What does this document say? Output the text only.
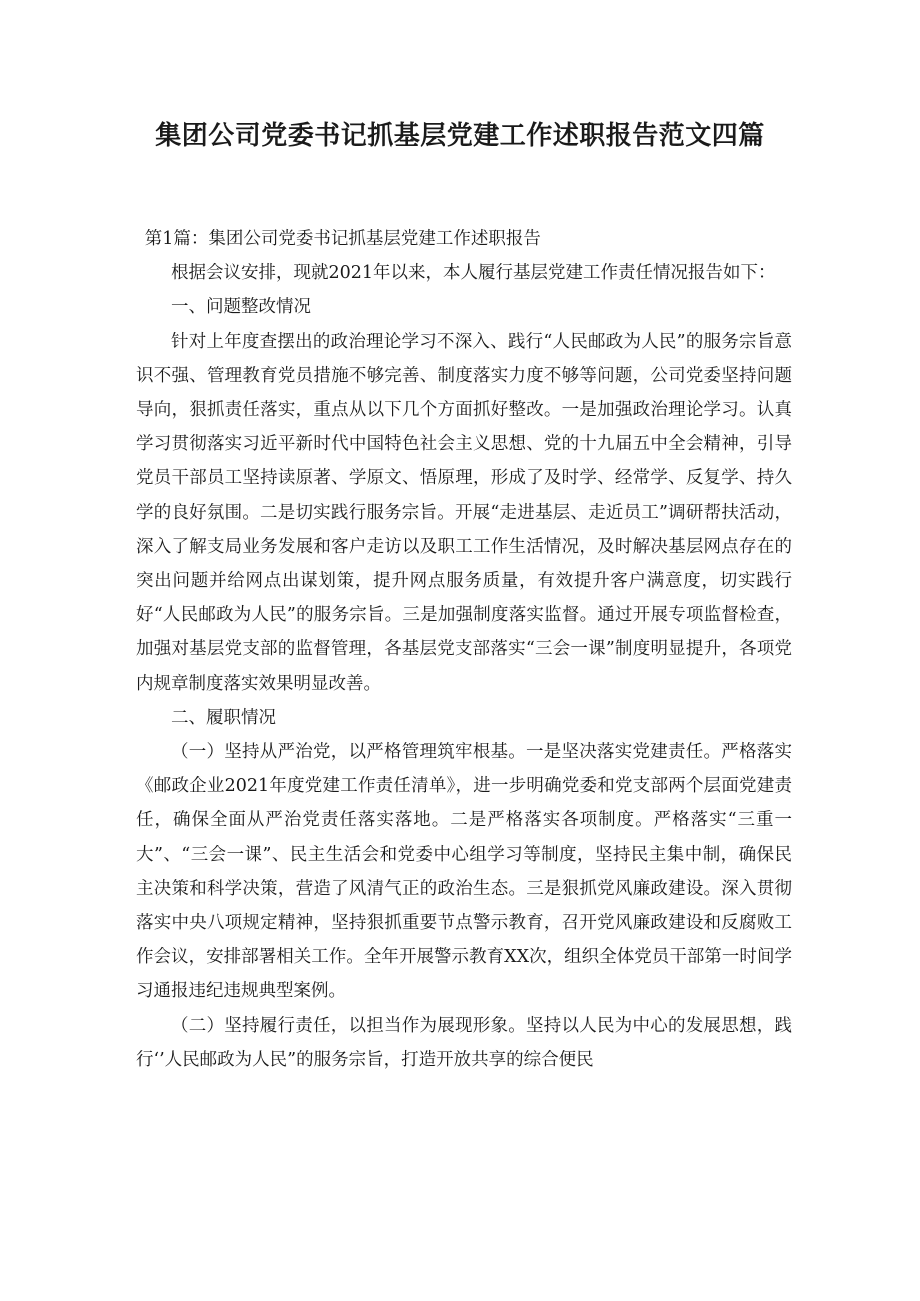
集团公司党委书记抓基层党建工作述职报告范文四篇

第1篇：集团公司党委书记抓基层党建工作述职报告

根据会议安排，现就2021年以来，本人履行基层党建工作责任情况报告如下：

一、问题整改情况

针对上年度查摆出的政治理论学习不深入、践行“人民邮政为人民”的服务宗旨意识不强、管理教育党员措施不够完善、制度落实力度不够等问题，公司党委坚持问题导向，狠抓责任落实，重点从以下几个方面抓好整改。一是加强政治理论学习。认真学习贯彻落实习近平新时代中国特色社会主义思想、党的十九届五中全会精神，引导党员干部员工坚持读原著、学原文、悟原理，形成了及时学、经常学、反复学、持久学的良好氛围。二是切实践行服务宗旨。开展“走进基层、走近员工”调研帮扶活动，深入了解支局业务发展和客户走访以及职工工作生活情况，及时解决基层网点存在的突出问题并给网点出谋划策，提升网点服务质量，有效提升客户满意度，切实践行好“人民邮政为人民”的服务宗旨。三是加强制度落实监督。通过开展专项监督检查，加强对基层党支部的监督管理，各基层党支部落实“三会一课”制度明显提升，各项党内规章制度落实效果明显改善。

二、履职情况

（一）坚持从严治党，以严格管理筑牢根基。一是坚决落实党建责任。严格落实《邮政企业2021年度党建工作责任清单》，进一步明确党委和党支部两个层面党建责任，确保全面从严治党责任落实落地。二是严格落实各项制度。严格落实“三重一大”、“三会一课”、民主生活会和党委中心组学习等制度，坚持民主集中制，确保民主决策和科学决策，营造了风清气正的政治生态。三是狠抓党风廉政建设。深入贯彻落实中央八项规定精神，坚持狠抓重要节点警示教育，召开党风廉政建设和反腐败工作会议，安排部署相关工作。全年开展警示教育XX次，组织全体党员干部第一时间学习通报违纪违规典型案例。

（二）坚持履行责任，以担当作为展现形象。坚持以人民为中心的发展思想，践行‘’人民邮政为人民”的服务宗旨，打造开放共享的综合便民
